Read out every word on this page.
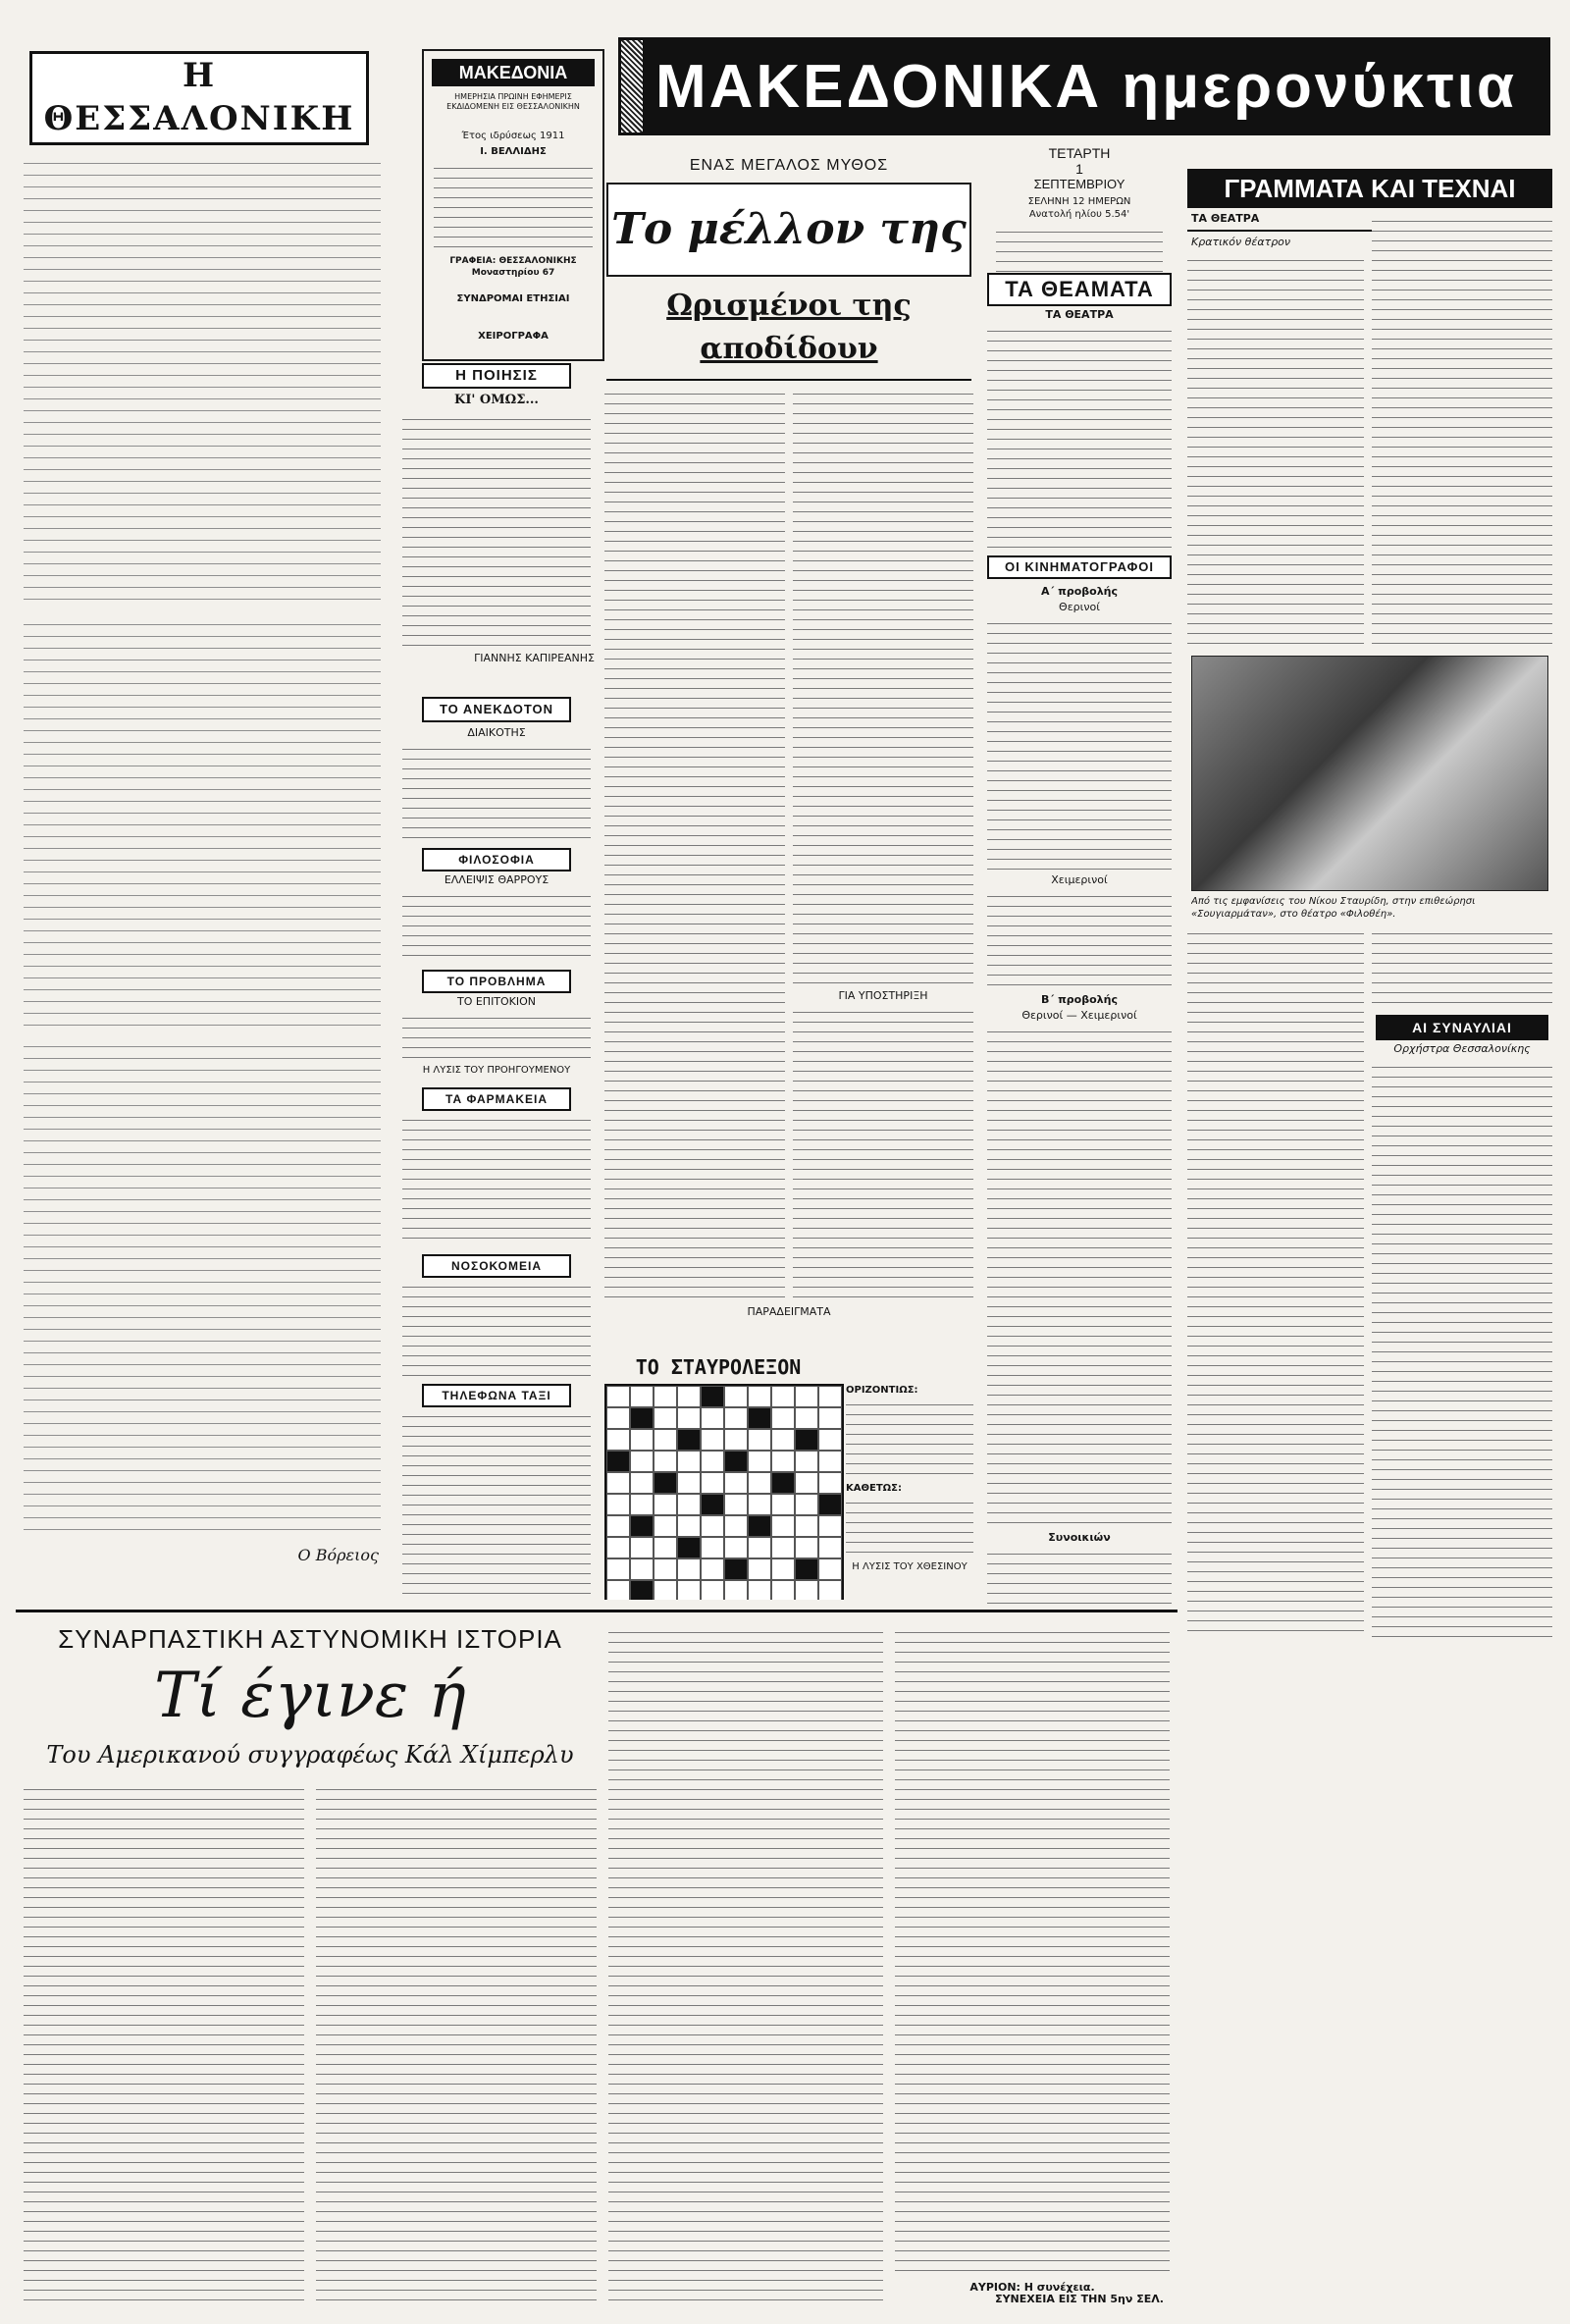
Η ΘΕΣΣΑΛΟΝΙΚΗ
Ο Βόρειος
ΜΑΚΕΔΟΝΙΑ
ΗΜΕΡΗΣΙΑ ΠΡΩΙΝΗ ΕΦΗΜΕΡΙΣ ΕΚΔΙΔΟΜΕΝΗ ΕΙΣ ΘΕΣΣΑΛΟΝΙΚΗΝ
Έτος ιδρύσεως 1911
Ι. ΒΕΛΛΙΔΗΣ
ΓΡΑΦΕΙΑ: ΘΕΣΣΑΛΟΝΙΚΗΣ Μοναστηρίου 67
ΣΥΝΔΡΟΜΑΙ ΕΤΗΣΙΑΙ
ΧΕΙΡΟΓΡΑΦΑ
ΜΑΚΕΔΟΝΙΚΑ ημερονύκτια
ΕΝΑΣ ΜΕΓΑΛΟΣ ΜΥΘΟΣ
Το μέλλον της
Ωρισμένοι της αποδίδουν
ΓΙΑ ΥΠΟΣΤΗΡΙΞΗ
ΠΑΡΑΔΕΙΓΜΑΤΑ
ΤΕΤΑΡΤΗ
1
ΣΕΠΤΕΜΒΡΙΟΥ
ΣΕΛΗΝΗ 12 ΗΜΕΡΩΝ
Ανατολή ηλίου 5.54'
ΤΑ ΘΕΑΜΑΤΑ
ΤΑ ΘΕΑΤΡΑ
ΟΙ ΚΙΝΗΜΑΤΟΓΡΑΦΟΙ
Α΄ προβολής
Θερινοί
Χειμερινοί
Β΄ προβολής
Θερινοί — Χειμερινοί
Συνοικιών
ΓΡΑΜΜΑΤΑ ΚΑΙ ΤΕΧΝΑΙ
ΤΑ ΘΕΑΤΡΑ
Κρατικόν θέατρον
Από τις εμφανίσεις του Νίκου Σταυρίδη, στην επιθεώρησι «Σουγιαρμάταν», στο θέατρο «Φιλοθέη».
ΑΙ ΣΥΝΑΥΛΙΑΙ
Ορχήστρα Θεσσαλονίκης
Η ΠΟΙΗΣΙΣ
ΚΙ' ΟΜΩΣ...
ΓΙΑΝΝΗΣ ΚΑΠΙΡΕΑΝΗΣ
ΤΟ ΑΝΕΚΔΟΤΟΝ
ΔΙΑΙΚΟΤΗΣ
ΦΙΛΟΣΟΦΙΑ
ΕΛΛΕΙΨΙΣ ΘΑΡΡΟΥΣ
ΤΟ ΠΡΟΒΛΗΜΑ
ΤΟ ΕΠΙΤΟΚΙΟΝ
Η ΛΥΣΙΣ ΤΟΥ ΠΡΟΗΓΟΥΜΕΝΟΥ
ΤΑ ΦΑΡΜΑΚΕΙΑ
ΝΟΣΟΚΟΜΕΙΑ
ΤΗΛΕΦΩΝΑ ΤΑΞΙ
ΤΟ ΣΤΑΥΡΟΛΕΞΟΝ
ΟΡΙΖΟΝΤΙΩΣ:
ΚΑΘΕΤΩΣ:
Η ΛΥΣΙΣ ΤΟΥ ΧΘΕΣΙΝΟΥ
ΣΥΝΑΡΠΑΣΤΙΚΗ ΑΣΤΥΝΟΜΙΚΗ ΙΣΤΟΡΙΑ
Τί έγινε ή
Του Αμερικανού συγγραφέως Κάλ Χίμπερλυ
ΑΥΡΙΟΝ: Η συνέχεια.
ΣΥΝΕΧΕΙΑ ΕΙΣ ΤΗΝ 5ην ΣΕΛ.
